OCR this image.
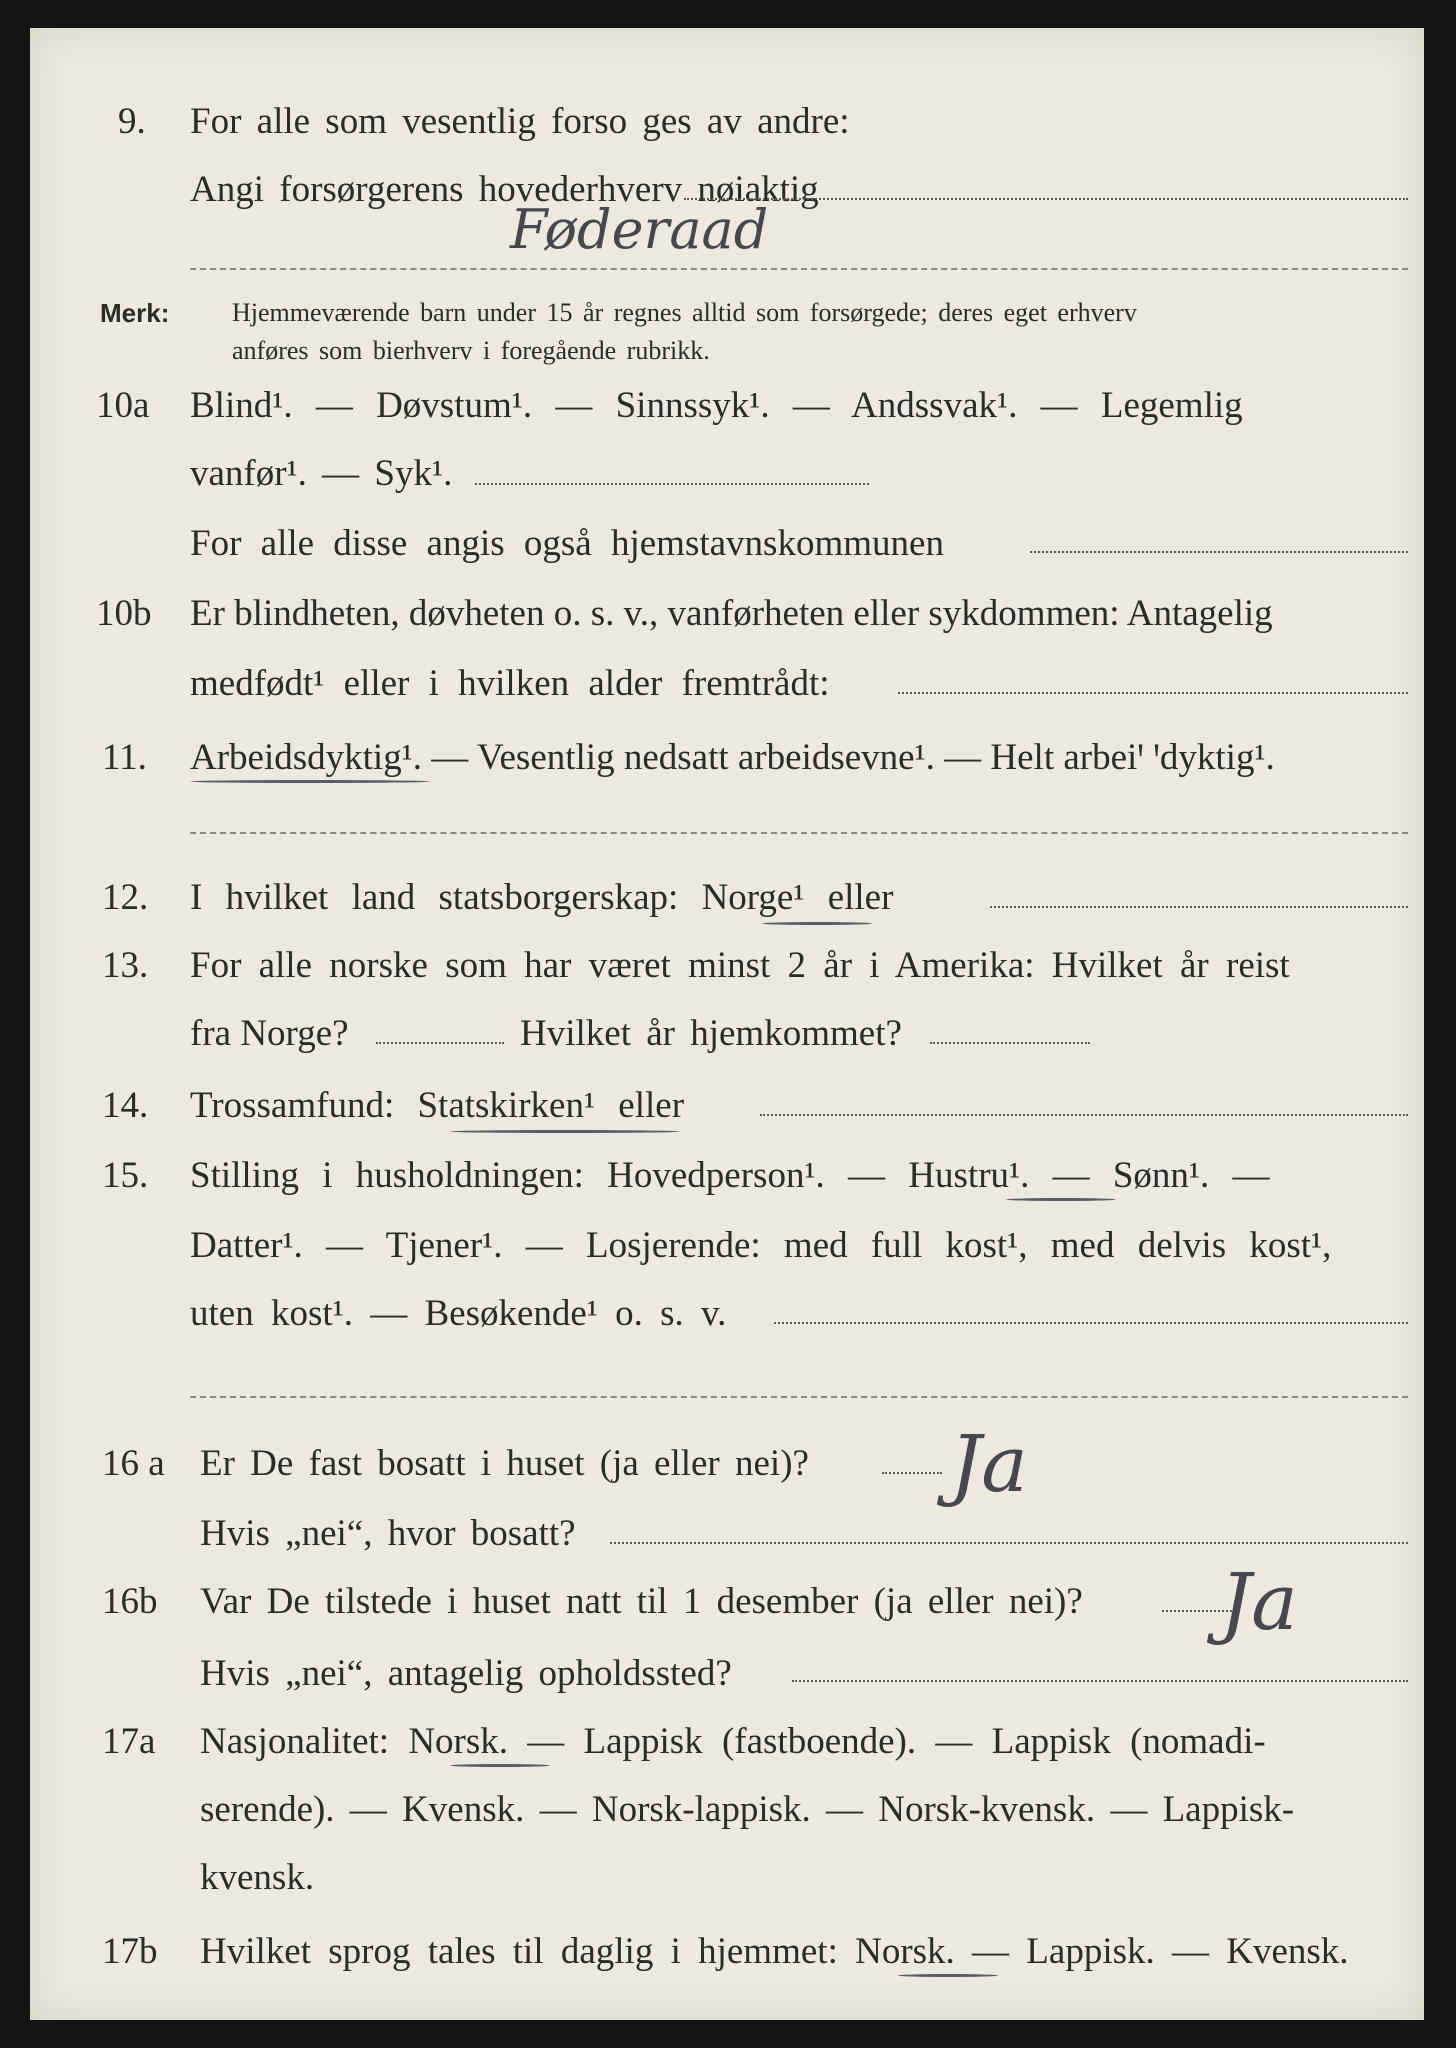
9. For alle som vesentlig forso ges av andre:
Angi forsørgerens hovederhverv nøiaktig
Føderaad
Merk: Hjemmeværende barn under 15 år regnes alltid som forsørgede; deres eget erhverv
anføres som bierhverv i foregående rubrikk.
10a Blind¹. — Døvstum¹. — Sinnssyk¹. — Andssvak¹. — Legemlig
vanfør¹. — Syk¹.
For alle disse angis også hjemstavnskommunen
10b Er blindheten, døvheten o. s. v., vanførheten eller sykdommen: Antagelig
medfødt¹ eller i hvilken alder fremtrådt:
11. Arbeidsdyktig¹. — Vesentlig nedsatt arbeidsevne¹. — Helt arbeiꞌ ꞌdyktig¹.
12. I hvilket land statsborgerskap: Norge¹ eller
13. For alle norske som har været minst 2 år i Amerika: Hvilket år reist
fra Norge?	Hvilket år hjemkommet?
14. Trossamfund: Statskirken¹ eller
15. Stilling i husholdningen: Hovedperson¹. — Hustru¹. — Sønn¹. —
Datter¹. — Tjener¹. — Losjerende: med full kost¹, med delvis kost¹,
uten kost¹. — Besøkende¹ o. s. v.
16 a Er De fast bosatt i huset (ja eller nei)? Ja
Hvis „nei“, hvor bosatt?
16b Var De tilstede i huset natt til 1 desember (ja eller nei)? Ja
Hvis „nei“, antagelig opholdssted?
17a Nasjonalitet: Norsk. — Lappisk (fastboende). — Lappisk (nomadi-
serende). — Kvensk. — Norsk-lappisk. — Norsk-kvensk. — Lappisk-
kvensk.
17b Hvilket sprog tales til daglig i hjemmet: Norsk. — Lappisk. — Kvensk.
